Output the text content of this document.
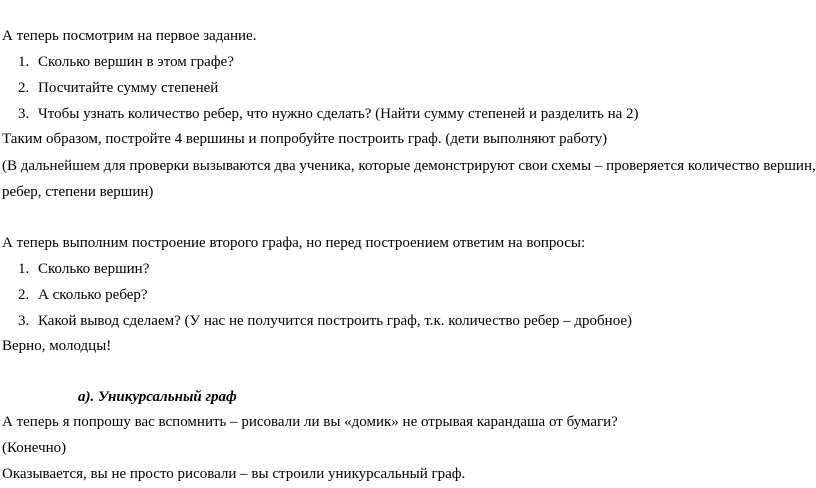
А теперь посмотрим на первое задание.
1. Сколько вершин в этом графе?
2. Посчитайте сумму степеней
3. Чтобы узнать количество ребер, что нужно сделать? (Найти сумму степеней и разделить на 2)
Таким образом, постройте 4 вершины и попробуйте построить граф. (дети выполняют работу)
(В дальнейшем для проверки вызываются два ученика, которые демонстрируют свои схемы – проверяется количество вершин,
ребер, степени вершин)
А теперь выполним построение второго графа, но перед построением ответим на вопросы:
1. Сколько вершин?
2. А сколько ребер?
3. Какой вывод сделаем? (У нас не получится построить граф, т.к. количество ребер – дробное)
Верно, молодцы!
а). Уникурсальный граф
А теперь я попрошу вас вспомнить – рисовали ли вы «домик» не отрывая карандаша от бумаги?
(Конечно)
Оказывается, вы не просто рисовали – вы строили уникурсальный граф.
